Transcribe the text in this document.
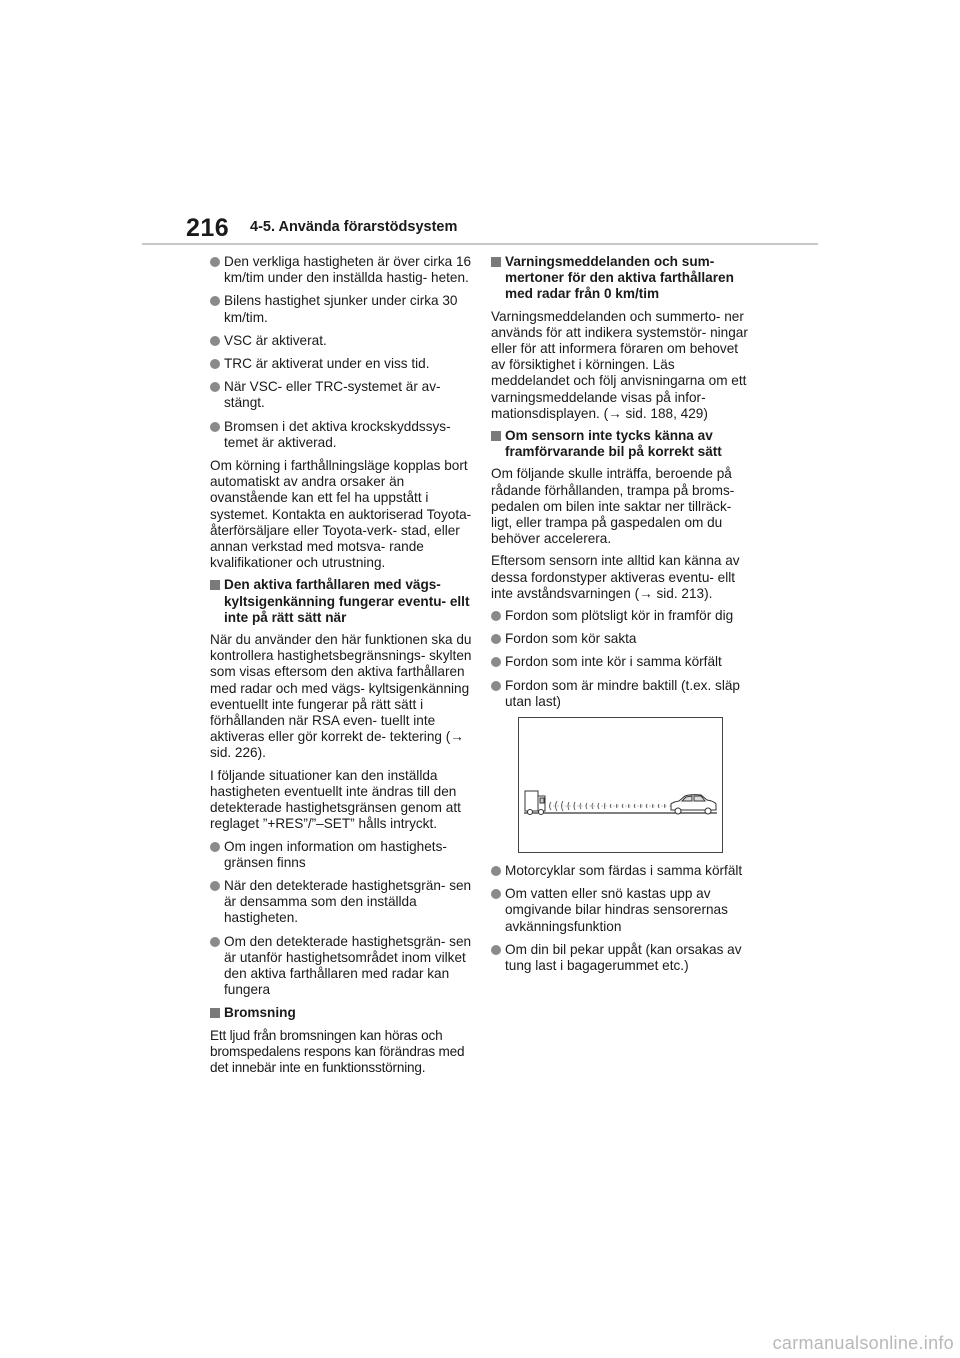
216 4-5. Använda förarstödsystem
Den verkliga hastigheten är över cirka 16 km/tim under den inställda hastig- heten.
Bilens hastighet sjunker under cirka 30 km/tim.
VSC är aktiverat.
TRC är aktiverat under en viss tid.
När VSC- eller TRC-systemet är av- stängt.
Bromsen i det aktiva krockskyddssys- temet är aktiverad.
Om körning i farthållningsläge kopplas bort automatiskt av andra orsaker än ovanstående kan ett fel ha uppstått i systemet. Kontakta en auktoriserad Toyota-återförsäljare eller Toyota-verk- stad, eller annan verkstad med motsva- rande kvalifikationer och utrustning.
Den aktiva farthållaren med vägs- kyltsigenkänning fungerar eventu- ellt inte på rätt sätt när
När du använder den här funktionen ska du kontrollera hastighetsbegränsnings- skylten som visas eftersom den aktiva farthållaren med radar och med vägs- kyltsigenkänning eventuellt inte fungerar på rätt sätt i förhållanden när RSA even- tuellt inte aktiveras eller gör korrekt de- tektering (→ sid. 226).
I följande situationer kan den inställda hastigheten eventuellt inte ändras till den detekterade hastighetsgränsen genom att reglaget ”+RES”/”–SET” hålls intryckt.
Om ingen information om hastighets- gränsen finns
När den detekterade hastighetsgrän- sen är densamma som den inställda hastigheten.
Om den detekterade hastighetsgrän- sen är utanför hastighetsområdet inom vilket den aktiva farthållaren med radar kan fungera
Bromsning
Ett ljud från bromsningen kan höras och bromspedalens respons kan förändras med det innebär inte en funktionsstörning.
Varningsmeddelanden och sum- mertoner för den aktiva farthållaren med radar från 0 km/tim
Varningsmeddelanden och summerto- ner används för att indikera systemstör- ningar eller för att informera föraren om behovet av försiktighet i körningen. Läs meddelandet och följ anvisningarna om ett varningsmeddelande visas på infor- mationsdisplayen. (→ sid. 188, 429)
Om sensorn inte tycks känna av framförvarande bil på korrekt sätt
Om följande skulle inträffa, beroende på rådande förhållanden, trampa på broms- pedalen om bilen inte saktar ner tillräck- ligt, eller trampa på gaspedalen om du behöver accelerera.
Eftersom sensorn inte alltid kan känna av dessa fordonstyper aktiveras eventu- ellt inte avståndsvarningen (→ sid. 213).
Fordon som plötsligt kör in framför dig
Fordon som kör sakta
Fordon som inte kör i samma körfält
Fordon som är mindre baktill (t.ex. släp utan last)
Motorcyklar som färdas i samma körfält
Om vatten eller snö kastas upp av omgivande bilar hindras sensorernas avkänningsfunktion
Om din bil pekar uppåt (kan orsakas av tung last i bagagerummet etc.)
carmanualsonline.info
